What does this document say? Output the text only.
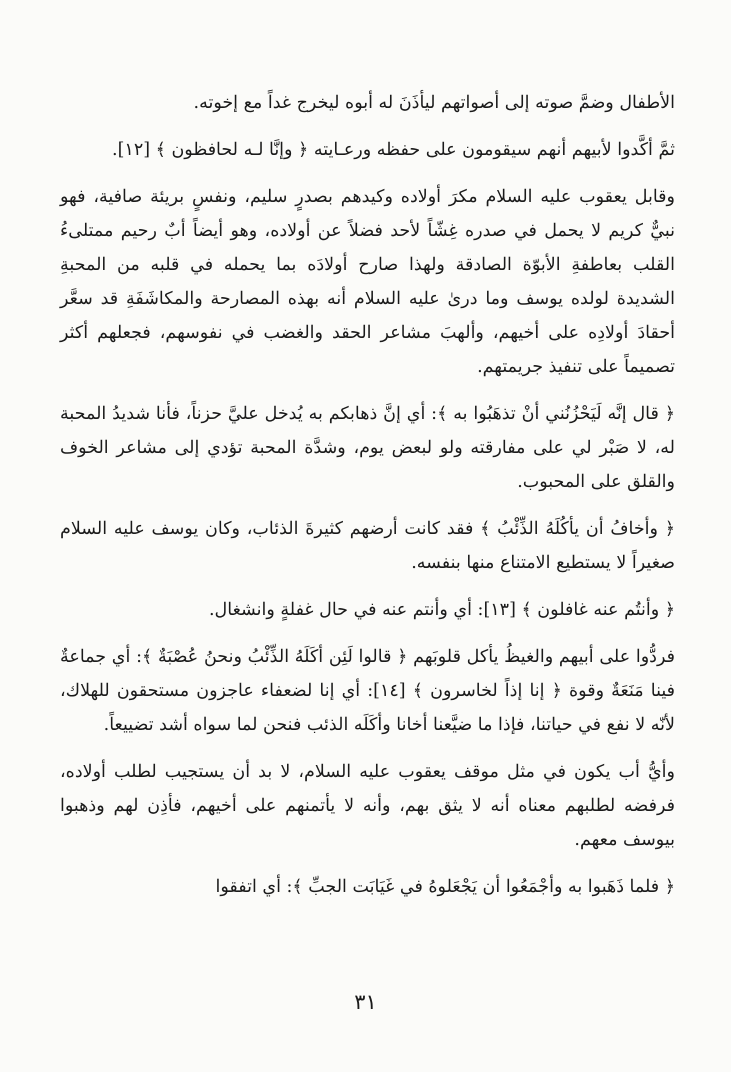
الأطفال وضمَّ صوته إلى أصواتهم ليأذَنَ له أبوه ليخرج غداً مع إخوته.

ثمَّ أكَّدوا لأبيهم أنهم سيقومون على حفظه ورعـايته ﴿ وإنَّا لـه لحافظون ﴾ [١٢].

وقابل يعقوب عليه السلام مكرَ أولاده وكيدهم بصدرٍ سليم، ونفسٍ بريئة صافية، فهو نبيٌّ كريم لا يحمل في صدره غِشّاً لأحد فضلاً عن أولاده، وهو أيضاً أبٌ رحيم ممتلىءُ القلب بعاطفةِ الأبوّة الصادقة ولهذا صارح أولادَه بما يحمله في قلبه من المحبةِ الشديدة لولده يوسف وما درىٰ عليه السلام أنه بهذه المصارحة والمكاشَفَةِ قد سعَّر أحقادَ أولادِه على أخيهم، وألهبَ مشاعر الحقد والغضب في نفوسهم، فجعلهم أكثر تصميماً على تنفيذ جريمتهم.

﴿ قال إنَّه لَيَحْزُنُني أنْ تذهَبُوا به ﴾: أي إنَّ ذهابكم به يُدخل عليَّ حزناً، فأنا شديدُ المحبة له، لا صَبْر لي على مفارقته ولو لبعض يوم، وشدَّة المحبة تؤدي إلى مشاعر الخوف والقلق على المحبوب.

﴿ وأخافُ أن يأكُلَهُ الذِّئْبُ ﴾ فقد كانت أرضهم كثيرةَ الذئاب، وكان يوسف عليه السلام صغيراً لا يستطيع الامتناع منها بنفسه.

﴿ وأنتُم عنه غافلون ﴾ [١٣]: أي وأنتم عنه في حال غفلةٍ وانشغال.

فردُّوا على أبيهم والغيظُ يأكل قلوبَهم ﴿ قالوا لَئِن أكَلَهُ الذِّئْبُ ونحنُ عُصْبَةٌ ﴾: أي جماعةٌ فينا مَنَعَةٌ وقوة ﴿ إنا إذاً لخاسرون ﴾ [١٤]: أي إنا لضعفاء عاجزون مستحقون للهلاك، لأنّه لا نفع في حياتنا، فإذا ما ضيَّعنا أخانا وأكَلَه الذئب فنحن لما سواه أشد تضييعاً.

وأيُّ أب يكون في مثل موقف يعقوب عليه السلام، لا بد أن يستجيب لطلب أولاده، فرفضه لطلبهم معناه أنه لا يثق بهم، وأنه لا يأتمنهم على أخيهم، فأذِن لهم وذهبوا بيوسف معهم.

﴿ فلما ذَهَبوا به وأجْمَعُوا أن يَجْعَلوهُ في غَيَابَت الجبِّ ﴾: أي اتفقوا

٣١
